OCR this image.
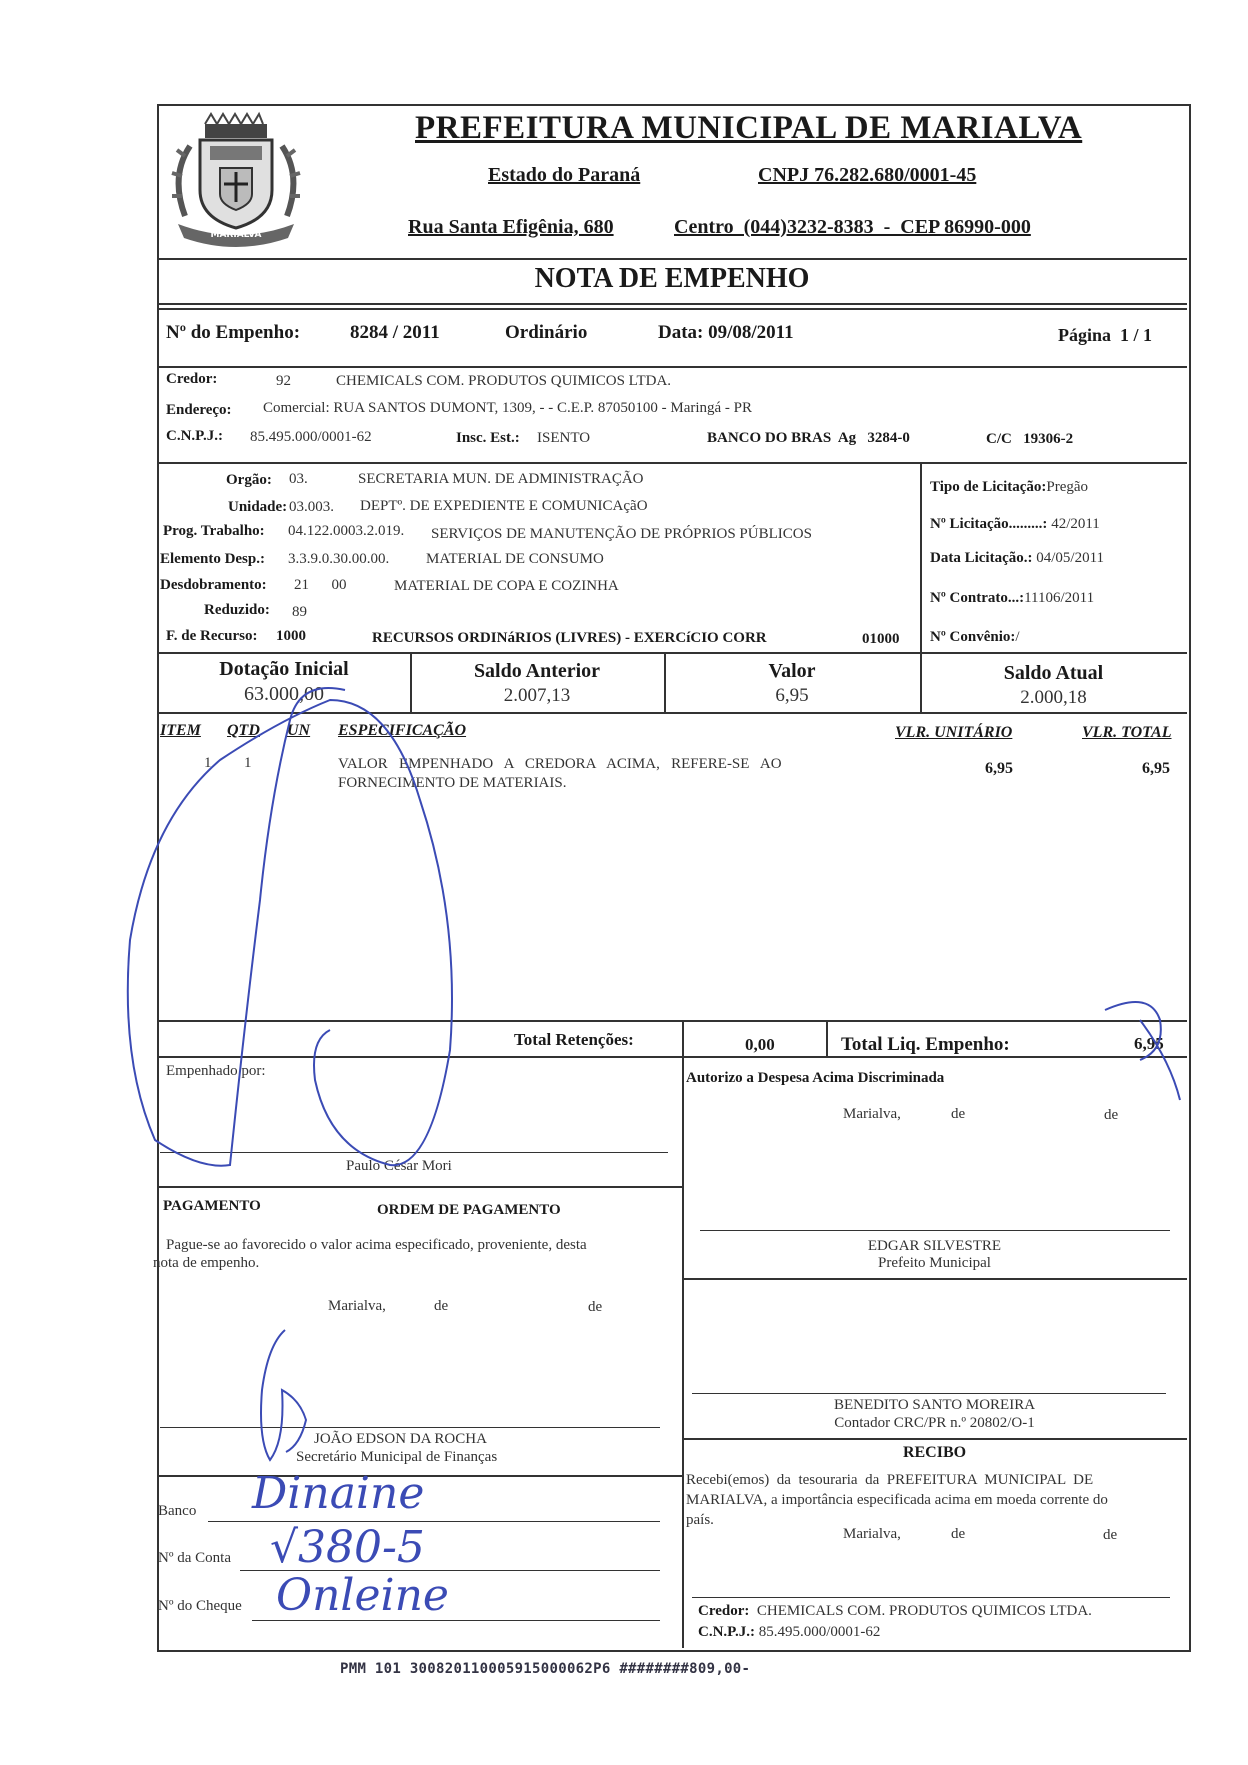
MARIALVA
PREFEITURA MUNICIPAL DE MARIALVA
Estado do Paraná	CNPJ 76.282.680/0001-45
Rua Santa Efigênia, 680	Centro  (044)3232-8383  -  CEP 86990-000
NOTA DE EMPENHO
Nº do Empenho:	8284 / 2011	Ordinário	Data: 09/08/2011	Página  1 / 1
Credor:	92	CHEMICALS COM. PRODUTOS QUIMICOS LTDA.
Endereço: Comercial: RUA SANTOS DUMONT, 1309, - - C.E.P. 87050100 - Maringá - PR
C.N.P.J.: 85.495.000/0001-62	Insc. Est.: ISENTO	BANCO DO BRAS  Ag   3284-0	C/C   19306-2
Orgão: 03.	SECRETARIA MUN. DE ADMINISTRAÇÃO
Unidade: 03.003. DEPTº. DE EXPEDIENTE E COMUNICAçãO
Prog. Trabalho: 04.122.0003.2.019. SERVIÇOS DE MANUTENÇÃO DE PRÓPRIOS PÚBLICOS
Elemento Desp.: 3.3.9.0.30.00.00. MATERIAL DE CONSUMO
Desdobramento: 21      00	MATERIAL DE COPA E COZINHA
Reduzido: 89
F. de Recurso: 1000	RECURSOS ORDINáRIOS (LIVRES) - EXERCíCIO CORR	01000
Tipo de Licitação:Pregão
Nº Licitação.........: 42/2011
Data Licitação.: 04/05/2011
Nº Contrato...:11106/2011
Nº Convênio:/
Dotação Inicial
63.000,00
Saldo Anterior
2.007,13
Valor
6,95
Saldo Atual
2.000,18
ITEM QTD UN ESPECIFICAÇÃO	VLR. UNITÁRIO	VLR. TOTAL
1 1	VALOR   EMPENHADO   A   CREDORA   ACIMA,   REFERE-SE   AO
FORNECIMENTO DE MATERIAIS.
6,95	6,95
Total Retenções:	0,00	Total Liq. Empenho:	6,95
Empenhado por:
Paulo César Mori
Autorizo a Despesa Acima Discriminada
Marialva,	de	de
EDGAR SILVESTRE
Prefeito Municipal
PAGAMENTO	ORDEM DE PAGAMENTO
Pague-se ao favorecido o valor acima especificado, proveniente, desta
nota de empenho.
Marialva,	de	de
JOÃO EDSON DA ROCHA
Secretário Municipal de Finanças
BENEDITO SANTO MOREIRA
Contador CRC/PR n.º 20802/O-1
RECIBO
Recebi(emos)  da  tesouraria  da  PREFEITURA  MUNICIPAL  DE
MARIALVA, a importância especificada acima em moeda corrente do
país.
Marialva,	de	de
Credor: CHEMICALS COM. PRODUTOS QUIMICOS LTDA.
C.N.P.J.: 85.495.000/0001-62
Banco Dinaine
Nº da Conta √380-5
Nº do Cheque Onleine
PMM 101 300820110005915000062P6 ########809,00-
